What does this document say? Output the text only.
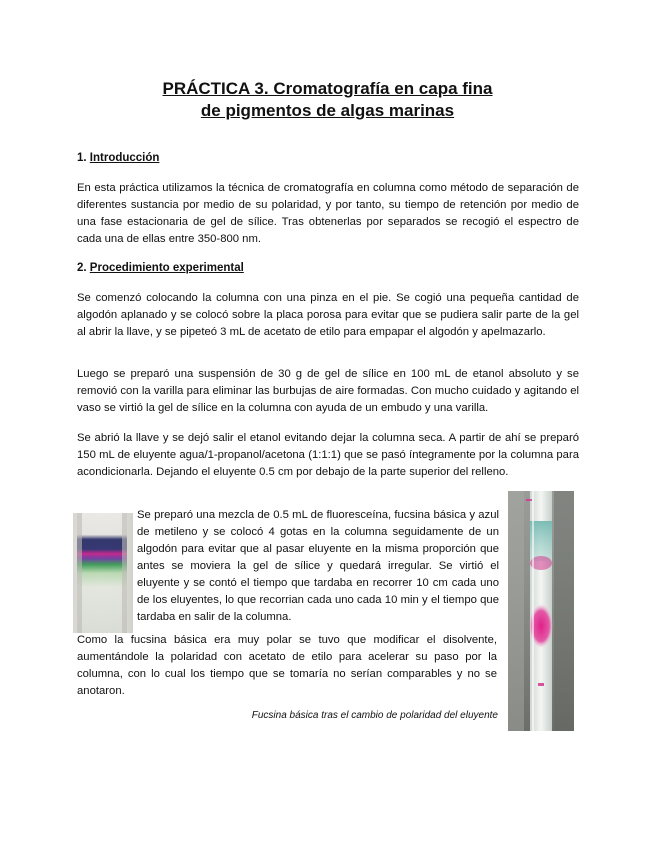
PRÁCTICA 3. Cromatografía en capa fina
de pigmentos de algas marinas
1. Introducción

En esta práctica utilizamos la técnica de cromatografía en columna como método de separación de diferentes sustancia por medio de su polaridad, y por tanto, su tiempo de retención por medio de una fase estacionaria de gel de sílice. Tras obtenerlas por separados se recogió el espectro de cada una de ellas entre 350-800 nm.

2. Procedimiento experimental

Se comenzó colocando la columna con una pinza en el pie. Se cogió una pequeña cantidad de algodón aplanado y se colocó sobre la placa porosa para evitar que se pudiera salir parte de la gel al abrir la llave, y se pipeteó 3 mL de acetato de etilo para empapar el algodón y apelmazarlo.

Luego se preparó una suspensión de 30 g de gel de sílice en 100 mL de etanol absoluto y se removió con la varilla para eliminar las burbujas de aire formadas. Con mucho cuidado y agitando el vaso se virtió la gel de sílice en la columna con ayuda de un embudo y una varilla.

Se abrió la llave y se dejó salir el etanol evitando dejar la columna seca. A partir de ahí se preparó 150 mL de eluyente agua/1-propanol/acetona (1:1:1) que se pasó íntegramente por la columna para acondicionarla. Dejando el eluyente 0.5 cm por debajo de la parte superior del relleno.

Se preparó una mezcla de 0.5 mL de fluoresceína, fucsina básica y azul de metileno y se colocó 4 gotas en la columna seguidamente de un algodón para evitar que al pasar eluyente en la misma proporción que antes se moviera la gel de sílice y quedará irregular. Se virtió el eluyente y se contó el tiempo que tardaba en recorrer 10 cm cada uno de los eluyentes, lo que recorrian cada uno cada 10 min y el tiempo que tardaba en salir de la columna.

Como la fucsina básica era muy polar se tuvo que modificar el disolvente, aumentándole la polaridad con acetato de etilo para acelerar su paso por la columna, con lo cual los tiempo que se tomaría no serían comparables y no se anotaron.

Fucsina básica tras el cambio de polaridad del eluyente
